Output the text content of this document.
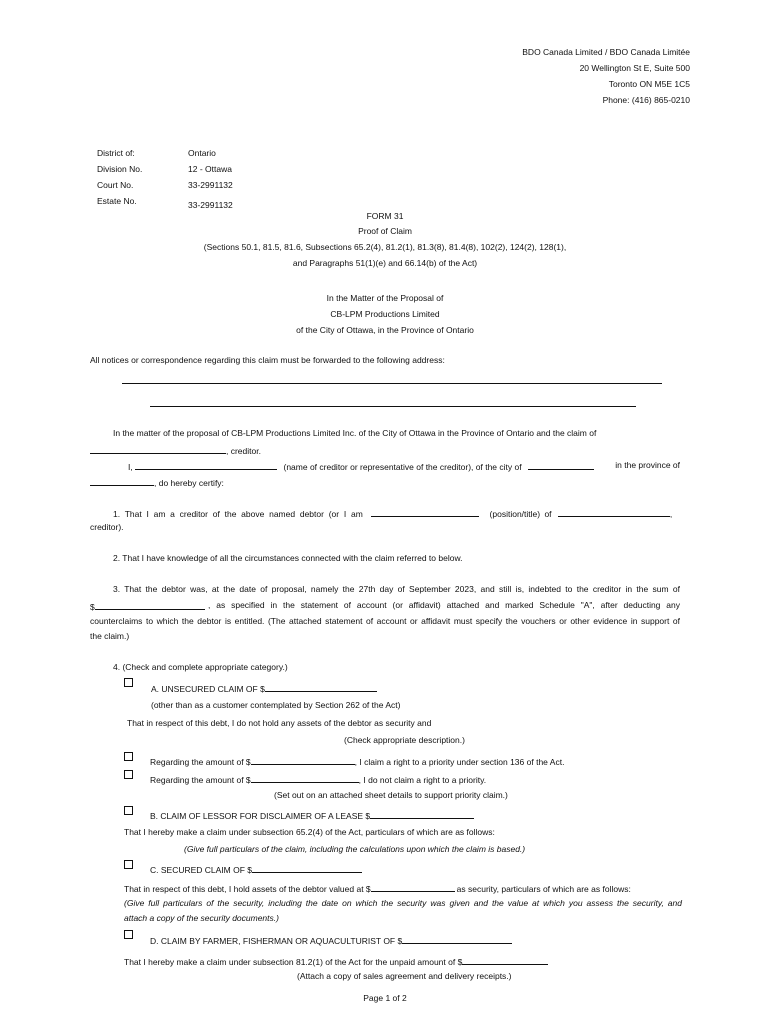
BDO Canada Limited / BDO Canada Limitée
20 Wellington St E, Suite 500
Toronto ON M5E 1C5
Phone: (416) 865-0210
District of:	Ontario
Division No.	12 - Ottawa
Court No.	33-2991132
Estate No.	33-2991132
FORM 31
Proof of Claim
(Sections 50.1, 81.5, 81.6, Subsections 65.2(4), 81.2(1), 81.3(8), 81.4(8), 102(2), 124(2), 128(1),
and Paragraphs 51(1)(e) and 66.14(b) of the Act)
In the Matter of the Proposal of
CB-LPM Productions Limited
of the City of Ottawa, in the Province of Ontario
All notices or correspondence regarding this claim must be forwarded to the following address:
In the matter of the proposal of CB-LPM Productions Limited Inc. of the City of Ottawa in the Province of Ontario and the claim of
, creditor.
I,	(name of creditor or representative of the creditor), of the city of	in the province of
, do hereby certify:
1. That I am a creditor of the above named debtor (or I am	(position/title) of	,
creditor).
2. That I have knowledge of all the circumstances connected with the claim referred to below.
3. That the debtor was, at the date of proposal, namely the 27th day of September 2023, and still is, indebted to the creditor in the sum of
$	, as specified in the statement of account (or affidavit) attached and marked Schedule "A", after deducting any
counterclaims to which the debtor is entitled. (The attached statement of account or affidavit must specify the vouchers or other evidence in support of
the claim.)
4. (Check and complete appropriate category.)
A. UNSECURED CLAIM OF $
(other than as a customer contemplated by Section 262 of the Act)
That in respect of this debt, I do not hold any assets of the debtor as security and
(Check appropriate description.)
Regarding the amount of $	, I claim a right to a priority under section 136 of the Act.
Regarding the amount of $	, I do not claim a right to a priority.
(Set out on an attached sheet details to support priority claim.)
B. CLAIM OF LESSOR FOR DISCLAIMER OF A LEASE $
That I hereby make a claim under subsection 65.2(4) of the Act, particulars of which are as follows:
(Give full particulars of the claim, including the calculations upon which the claim is based.)
C. SECURED CLAIM OF $
That in respect of this debt, I hold assets of the debtor valued at $	as security, particulars of which are as follows:
(Give full particulars of the security, including the date on which the security was given and the value at which you assess the security, and
attach a copy of the security documents.)
D. CLAIM BY FARMER, FISHERMAN OR AQUACULTURIST OF $
That I hereby make a claim under subsection 81.2(1) of the Act for the unpaid amount of $
(Attach a copy of sales agreement and delivery receipts.)
Page 1 of 2
